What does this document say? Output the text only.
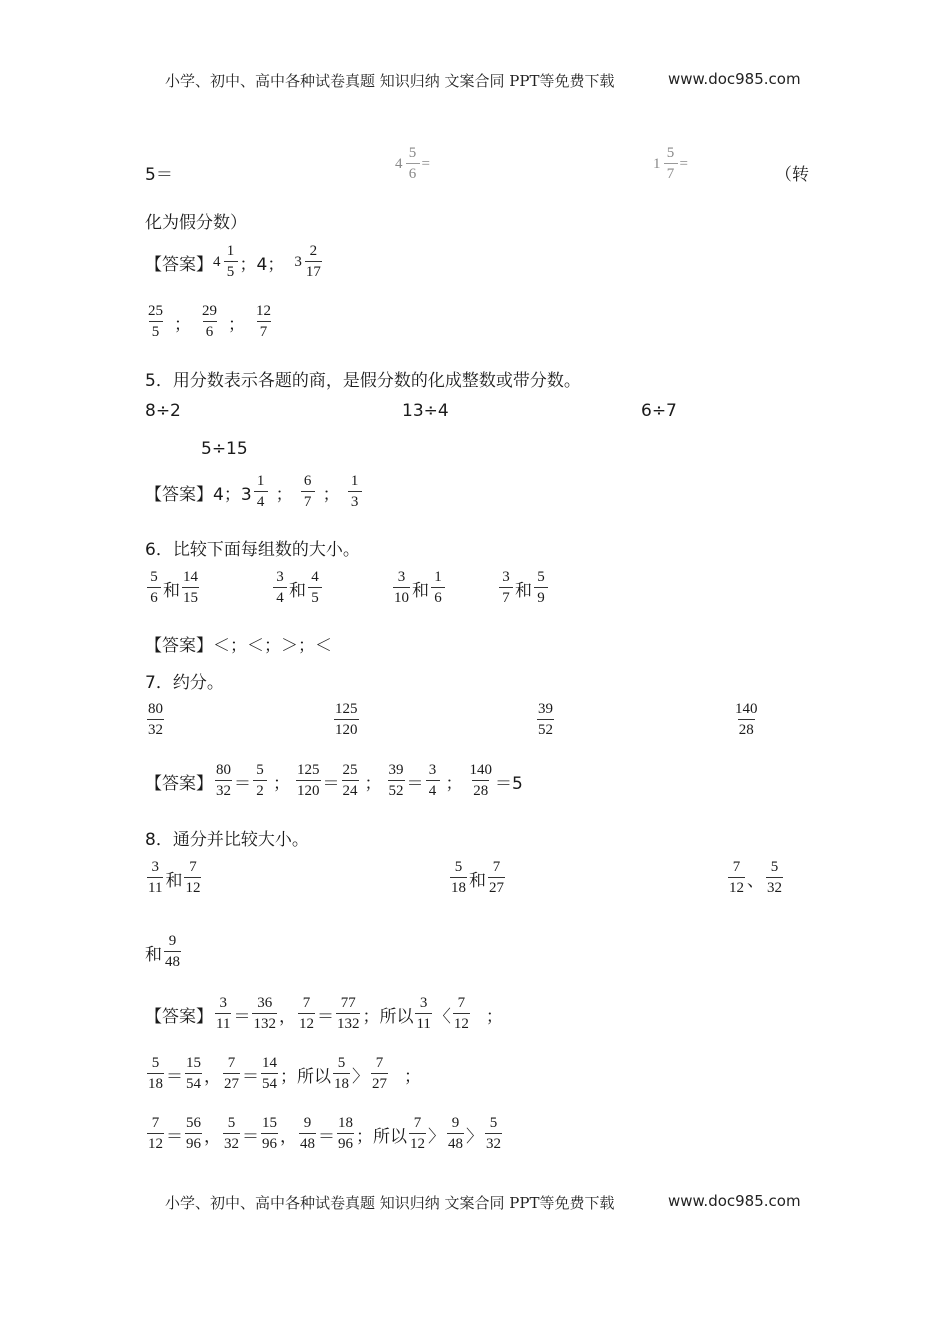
小学、初中、高中各种试卷真题 知识归纳 文案合同 PPT等免费下载	www.doc985.com
5＝
$4 \frac{5}{6}$ =	$1 \frac{5}{7}$ =
（转
化为假分数）
【答案】 $4 \frac{1}{5}$ ； 4； $3 \frac{2}{17}$
$\frac{25}{5}$ ； $\frac{29}{6}$ ； $\frac{12}{7}$
5．用分数表示各题的商，是假分数的化成整数或带分数。
8÷2	13÷4	6÷7
5÷15
【答案】 4；$3 \frac{1}{4}$ ； $\frac{6}{7}$ ； $\frac{1}{3}$
6．比较下面每组数的大小。
$\frac{5}{6}$ 和 $\frac{14}{15}$	$\frac{3}{4}$ 和 $\frac{4}{5}$	$\frac{3}{10}$ 和 $\frac{1}{6}$	$\frac{3}{7}$ 和 $\frac{5}{9}$
【答案】 ＜；＜；＞；＜
7．约分。
$\frac{80}{32}$	$\frac{125}{120}$	$\frac{39}{52}$	$\frac{140}{28}$
【答案】 $\frac{80}{32} = \frac{5}{2}$ ； $\frac{125}{120} = \frac{25}{24}$ ； $\frac{39}{52} = \frac{3}{4}$ ； $\frac{140}{28} =5$
8．通分并比较大小。
$\frac{3}{11}$ 和 $\frac{7}{12}$	$\frac{5}{18}$ 和 $\frac{7}{27}$	$\frac{7}{12}$ 、 $\frac{5}{32}$
和 $\frac{9}{48}$
【答案】 $\frac{3}{11} = \frac{36}{132}$ ， $\frac{7}{12} = \frac{77}{132}$ ； 所以 $\frac{3}{11}$ 〈 $\frac{7}{12}$ ；
$\frac{5}{18} = \frac{15}{54}$ ， $\frac{7}{27} = \frac{14}{54}$ ； 所以 $\frac{5}{18}$ 〉 $\frac{7}{27}$ ；
$\frac{7}{12} = \frac{56}{96}$ ， $\frac{5}{32} = \frac{15}{96}$ ， $\frac{9}{48} = \frac{18}{96}$ ； 所以 $\frac{7}{12}$ 〉 $\frac{9}{48}$ 〉 $\frac{5}{32}$
小学、初中、高中各种试卷真题 知识归纳 文案合同 PPT等免费下载	www.doc985.com
